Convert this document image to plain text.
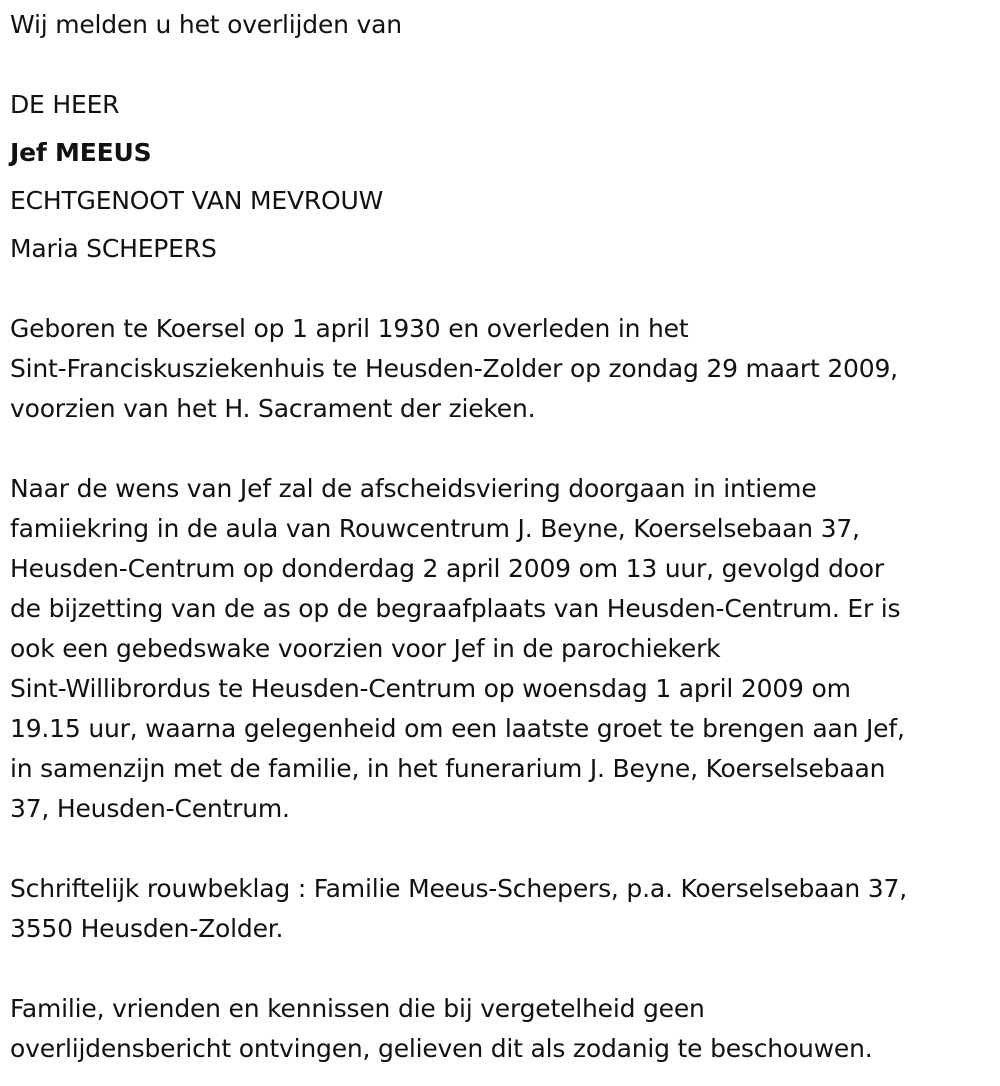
Wij melden u het overlijden van
DE HEER
Jef MEEUS
ECHTGENOOT VAN MEVROUW
Maria SCHEPERS
Geboren te Koersel op 1 april 1930 en overleden in het
Sint-Franciskusziekenhuis te Heusden-Zolder op zondag 29 maart 2009,
voorzien van het H. Sacrament der zieken.
Naar de wens van Jef zal de afscheidsviering doorgaan in intieme
famiiekring in de aula van Rouwcentrum J. Beyne, Koerselsebaan 37,
Heusden-Centrum op donderdag 2 april 2009 om 13 uur, gevolgd door
de bijzetting van de as op de begraafplaats van Heusden-Centrum. Er is
ook een gebedswake voorzien voor Jef in de parochiekerk
Sint-Willibrordus te Heusden-Centrum op woensdag 1 april 2009 om
19.15 uur, waarna gelegenheid om een laatste groet te brengen aan Jef,
in samenzijn met de familie, in het funerarium J. Beyne, Koerselsebaan
37, Heusden-Centrum.
Schriftelijk rouwbeklag : Familie Meeus-Schepers, p.a. Koerselsebaan 37,
3550 Heusden-Zolder.
Familie, vrienden en kennissen die bij vergetelheid geen
overlijdensbericht ontvingen, gelieven dit als zodanig te beschouwen.
